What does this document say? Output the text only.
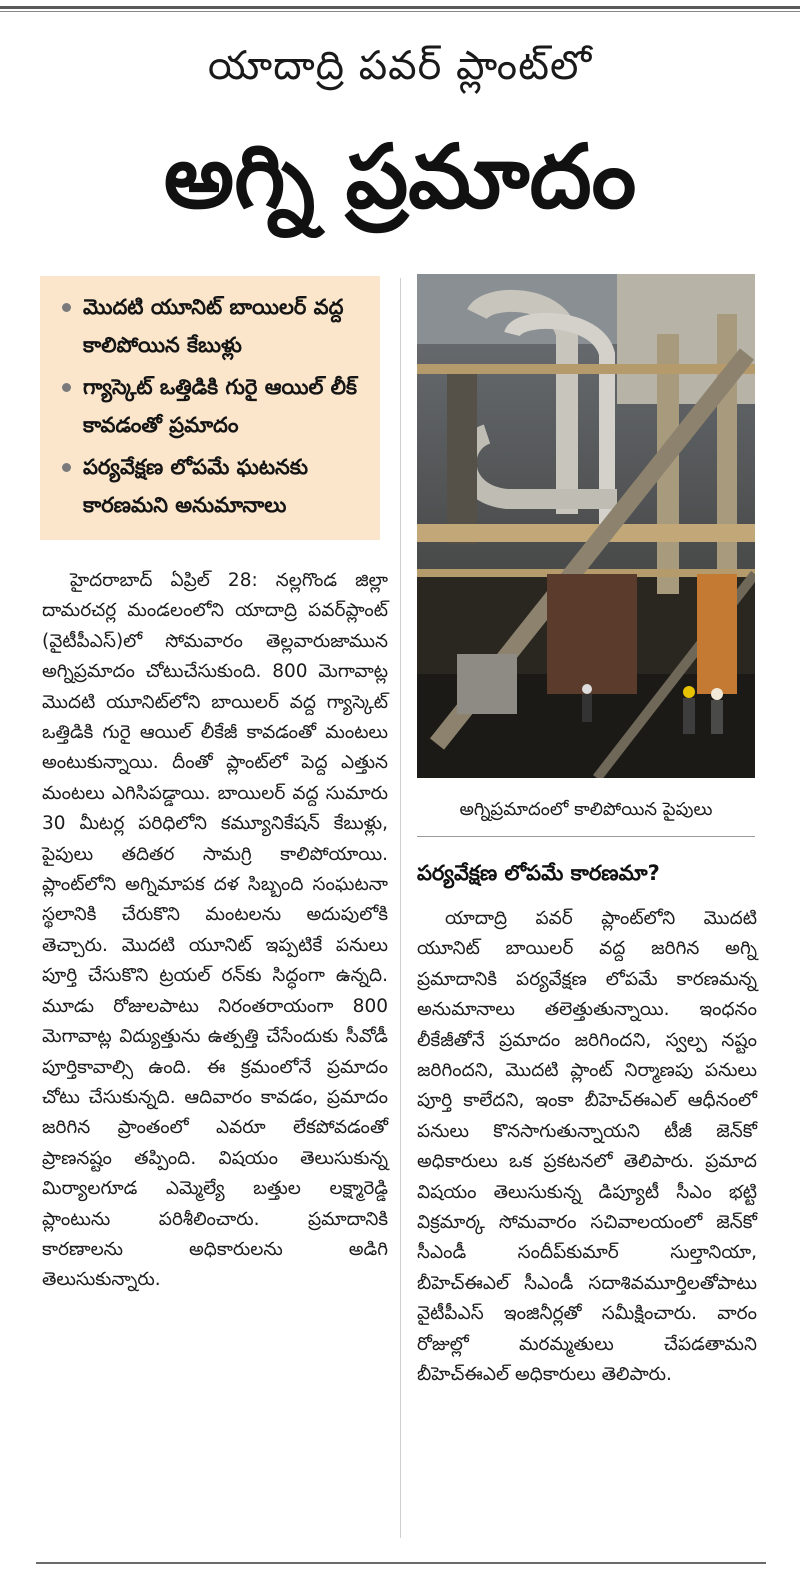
యాదాద్రి పవర్ ప్లాంట్‌లో
అగ్ని ప్రమాదం
మొదటి యూనిట్ బాయిలర్ వద్ద కాలిపోయిన కేబుళ్లు
గ్యాస్కెట్ ఒత్తిడికి గురై ఆయిల్ లీక్ కావడంతో ప్రమాదం
పర్యవేక్షణ లోపమే ఘటనకు కారణమని అనుమానాలు
అగ్నిప్రమాదంలో కాలిపోయిన పైపులు

హైదరాబాద్ ఏప్రిల్ 28: నల్లగొండ జిల్లా దామరచర్ల మండలంలోని యాదాద్రి పవర్‌ప్లాంట్ (వైటీపీఎస్)లో సోమవారం తెల్లవారుజామున అగ్నిప్రమాదం చోటుచేసుకుంది. 800 మెగావాట్ల మొదటి యూనిట్‌లోని బాయిలర్ వద్ద గ్యాస్కెట్ ఒత్తిడికి గురై ఆయిల్ లీకేజీ కావడంతో మంటలు అంటుకున్నాయి. దీంతో ప్లాంట్‌లో పెద్ద ఎత్తున మంటలు ఎగిసిపడ్డాయి. బాయిలర్ వద్ద సుమారు 30 మీటర్ల పరిధిలోని కమ్యూనికేషన్ కేబుళ్లు, పైపులు తదితర సామగ్రి కాలిపోయాయి. ప్లాంట్‌లోని అగ్నిమాపక దళ సిబ్బంది సంఘటనా స్థలానికి చేరుకొని మంటలను అదుపులోకి తెచ్చారు. మొదటి యూనిట్ ఇప్పటికే పనులు పూర్తి చేసుకొని ట్రయల్ రన్‌కు సిద్ధంగా ఉన్నది. మూడు రోజులపాటు నిరంతరాయంగా 800 మెగావాట్ల విద్యుత్తును ఉత్పత్తి చేసేందుకు సీవోడీ పూర్తికావాల్సి ఉంది. ఈ క్రమంలోనే ప్రమాదం చోటు చేసుకున్నది. ఆదివారం కావడం, ప్రమాదం జరిగిన ప్రాంతంలో ఎవరూ లేకపోవడంతో ప్రాణనష్టం తప్పింది. విషయం తెలుసుకున్న మిర్యాలగూడ ఎమ్మెల్యే బత్తుల లక్ష్మారెడ్డి ప్లాంటును పరిశీలించారు. ప్రమాదానికి కారణాలను అధికారులను అడిగి తెలుసుకున్నారు.

పర్యవేక్షణ లోపమే కారణమా?

యాదాద్రి పవర్ ప్లాంట్‌లోని మొదటి యూనిట్ బాయిలర్ వద్ద జరిగిన అగ్ని ప్రమాదానికి పర్యవేక్షణ లోపమే కారణమన్న అనుమానాలు తలెత్తుతున్నాయి. ఇంధనం లీకేజీతోనే ప్రమాదం జరిగిందని, స్వల్ప నష్టం జరిగిందని, మొదటి ప్లాంట్ నిర్మాణపు పనులు పూర్తి కాలేదని, ఇంకా బీహెచ్‌ఈఎల్ ఆధీనంలో పనులు కొనసాగుతున్నాయని టీజీ జెన్‌కో అధికారులు ఒక ప్రకటనలో తెలిపారు. ప్రమాద విషయం తెలుసుకున్న డిప్యూటీ సీఎం భట్టి విక్రమార్క సోమవారం సచివాలయంలో జెన్‌కో సీఎండీ సందీప్‌కుమార్ సుల్తానియా, బీహెచ్‌ఈఎల్ సీఎండీ సదాశివమూర్తిలతోపాటు వైటీపీఎస్ ఇంజినీర్లతో సమీక్షించారు. వారం రోజుల్లో మరమ్మతులు చేపడతామని బీహెచ్‌ఈఎల్ అధికారులు తెలిపారు.
